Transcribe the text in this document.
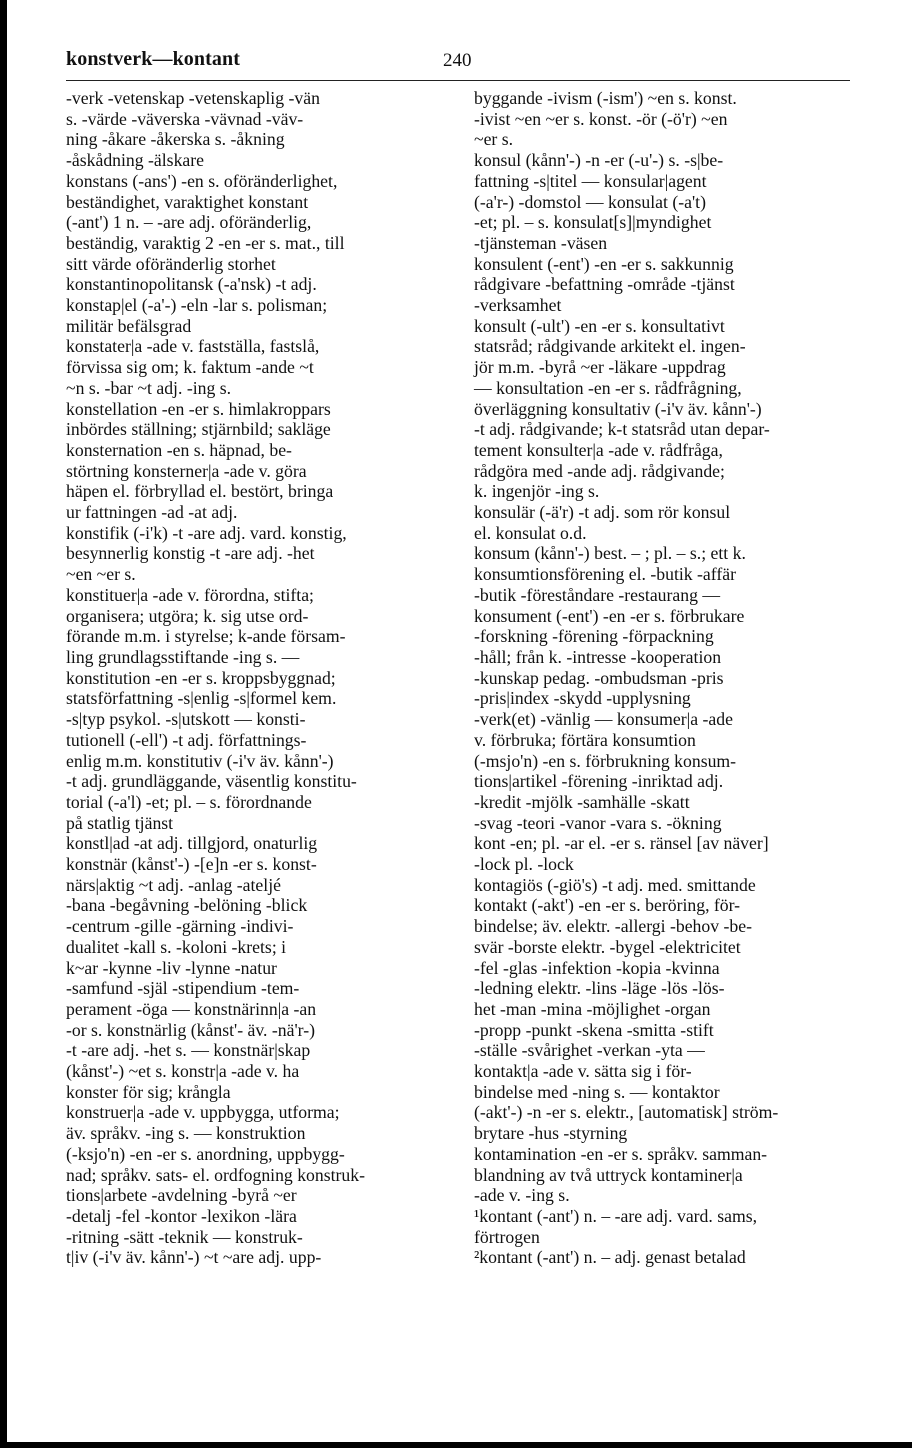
konstverk—kontant	240
-verk -vetenskap -vetenskaplig -vän
s. -värde -väverska -vävnad -väv-
ning -åkare -åkerska s. -åkning
-åskådning -älskare
konstans (-ans') -en s. oföränderlighet,
beständighet, varaktighet konstant
(-ant') 1 n. – -are adj. oföränderlig,
beständig, varaktig 2 -en -er s. mat., till
sitt värde oföränderlig storhet
konstantinopolitansk (-a'nsk) -t adj.
konstap|el (-a'-) -eln -lar s. polisman;
militär befälsgrad
konstater|a -ade v. fastställa, fastslå,
förvissa sig om; k. faktum -ande ~t
~n s. -bar ~t adj. -ing s.
konstellation -en -er s. himlakroppars
inbördes ställning; stjärnbild; sakläge
konsternation -en s. häpnad, be-
störtning konsterner|a -ade v. göra
häpen el. förbryllad el. bestört, bringa
ur fattningen -ad -at adj.
konstifik (-i'k) -t -are adj. vard. konstig,
besynnerlig konstig -t -are adj. -het
~en ~er s.
konstituer|a -ade v. förordna, stifta;
organisera; utgöra; k. sig utse ord-
förande m.m. i styrelse; k-ande försam-
ling grundlagsstiftande -ing s. —
konstitution -en -er s. kroppsbyggnad;
statsförfattning -s|enlig -s|formel kem.
-s|typ psykol. -s|utskott — konsti-
tutionell (-ell') -t adj. författnings-
enlig m.m. konstitutiv (-i'v äv. kånn'-)
-t adj. grundläggande, väsentlig konstitu-
torial (-a'l) -et; pl. – s. förordnande
på statlig tjänst
konstl|ad -at adj. tillgjord, onaturlig
konstnär (kånst'-) -[e]n -er s. konst-
närs|aktig ~t adj. -anlag -ateljé
-bana -begåvning -belöning -blick
-centrum -gille -gärning -indivi-
dualitet -kall s. -koloni -krets; i
k~ar -kynne -liv -lynne -natur
-samfund -själ -stipendium -tem-
perament -öga — konstnärinn|a -an
-or s. konstnärlig (kånst'- äv. -nä'r-)
-t -are adj. -het s. — konstnär|skap
(kånst'-) ~et s. konstr|a -ade v. ha
konster för sig; krångla
konstruer|a -ade v. uppbygga, utforma;
äv. språkv. -ing s. — konstruktion
(-ksjo'n) -en -er s. anordning, uppbygg-
nad; språkv. sats- el. ordfogning konstruk-
tions|arbete -avdelning -byrå ~er
-detalj -fel -kontor -lexikon -lära
-ritning -sätt -teknik — konstruk-
t|iv (-i'v äv. kånn'-) ~t ~are adj. upp-
byggande -ivism (-ism') ~en s. konst.
-ivist ~en ~er s. konst. -ör (-ö'r) ~en
~er s.
konsul (kånn'-) -n -er (-u'-) s. -s|be-
fattning -s|titel — konsular|agent
(-a'r-) -domstol — konsulat (-a't)
-et; pl. – s. konsulat[s]|myndighet
-tjänsteman -väsen
konsulent (-ent') -en -er s. sakkunnig
rådgivare -befattning -område -tjänst
-verksamhet
konsult (-ult') -en -er s. konsultativt
statsråd; rådgivande arkitekt el. ingen-
jör m.m. -byrå ~er -läkare -uppdrag
— konsultation -en -er s. rådfrågning,
överläggning konsultativ (-i'v äv. kånn'-)
-t adj. rådgivande; k-t statsråd utan depar-
tement konsulter|a -ade v. rådfråga,
rådgöra med -ande adj. rådgivande;
k. ingenjör -ing s.
konsulär (-ä'r) -t adj. som rör konsul
el. konsulat o.d.
konsum (kånn'-) best. – ; pl. – s.; ett k.
konsumtionsförening el. -butik -affär
-butik -föreståndare -restaurang —
konsument (-ent') -en -er s. förbrukare
-forskning -förening -förpackning
-håll; från k. -intresse -kooperation
-kunskap pedag. -ombudsman -pris
-pris|index -skydd -upplysning
-verk(et) -vänlig — konsumer|a -ade
v. förbruka; förtära konsumtion
(-msjo'n) -en s. förbrukning konsum-
tions|artikel -förening -inriktad adj.
-kredit -mjölk -samhälle -skatt
-svag -teori -vanor -vara s. -ökning
kont -en; pl. -ar el. -er s. ränsel [av näver]
-lock pl. -lock
kontagiös (-giö's) -t adj. med. smittande
kontakt (-akt') -en -er s. beröring, för-
bindelse; äv. elektr. -allergi -behov -be-
svär -borste elektr. -bygel -elektricitet
-fel -glas -infektion -kopia -kvinna
-ledning elektr. -lins -läge -lös -lös-
het -man -mina -möjlighet -organ
-propp -punkt -skena -smitta -stift
-ställe -svårighet -verkan -yta —
kontakt|a -ade v. sätta sig i för-
bindelse med -ning s. — kontaktor
(-akt'-) -n -er s. elektr., [automatisk] ström-
brytare -hus -styrning
kontamination -en -er s. språkv. samman-
blandning av två uttryck kontaminer|a
-ade v. -ing s.
¹kontant (-ant') n. – -are adj. vard. sams,
förtrogen
²kontant (-ant') n. – adj. genast betalad
